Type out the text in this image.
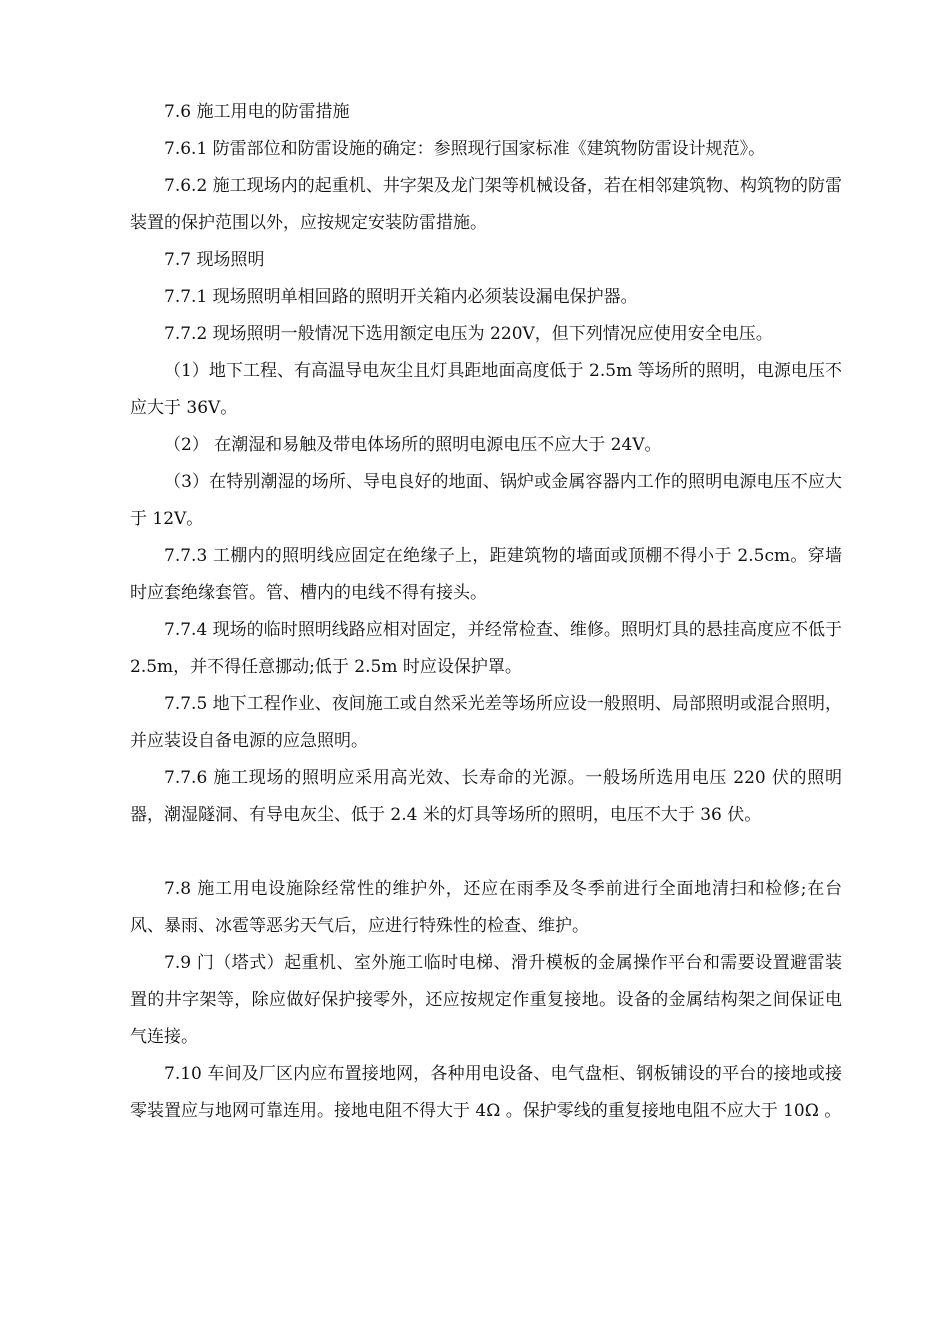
7.6 施工用电的防雷措施

7.6.1 防雷部位和防雷设施的确定：参照现行国家标准《建筑物防雷设计规范》。

7.6.2 施工现场内的起重机、井字架及龙门架等机械设备，若在相邻建筑物、构筑物的防雷装置的保护范围以外，应按规定安装防雷措施。

7.7 现场照明

7.7.1 现场照明单相回路的照明开关箱内必须装设漏电保护器。

7.7.2 现场照明一般情况下选用额定电压为 220V，但下列情况应使用安全电压。

（1）地下工程、有高温导电灰尘且灯具距地面高度低于 2.5m 等场所的照明，电源电压不应大于 36V。

（2） 在潮湿和易触及带电体场所的照明电源电压不应大于 24V。

（3）在特别潮湿的场所、导电良好的地面、锅炉或金属容器内工作的照明电源电压不应大于 12V。

7.7.3 工棚内的照明线应固定在绝缘子上，距建筑物的墙面或顶棚不得小于 2.5cm。穿墙时应套绝缘套管。管、槽内的电线不得有接头。

7.7.4 现场的临时照明线路应相对固定，并经常检查、维修。照明灯具的悬挂高度应不低于 2.5m，并不得任意挪动;低于 2.5m 时应设保护罩。

7.7.5 地下工程作业、夜间施工或自然采光差等场所应设一般照明、局部照明或混合照明，并应装设自备电源的应急照明。

7.7.6 施工现场的照明应采用高光效、长寿命的光源。一般场所选用电压 220 伏的照明器，潮湿隧洞、有导电灰尘、低于 2.4 米的灯具等场所的照明，电压不大于 36 伏。

7.8 施工用电设施除经常性的维护外，还应在雨季及冬季前进行全面地清扫和检修;在台风、暴雨、冰雹等恶劣天气后，应进行特殊性的检查、维护。

7.9 门（塔式）起重机、室外施工临时电梯、滑升模板的金属操作平台和需要设置避雷装置的井字架等，除应做好保护接零外，还应按规定作重复接地。设备的金属结构架之间保证电气连接。

7.10 车间及厂区内应布置接地网，各种用电设备、电气盘柜、钢板铺设的平台的接地或接零装置应与地网可靠连用。接地电阻不得大于 4Ω 。保护零线的重复接地电阻不应大于 10Ω 。
